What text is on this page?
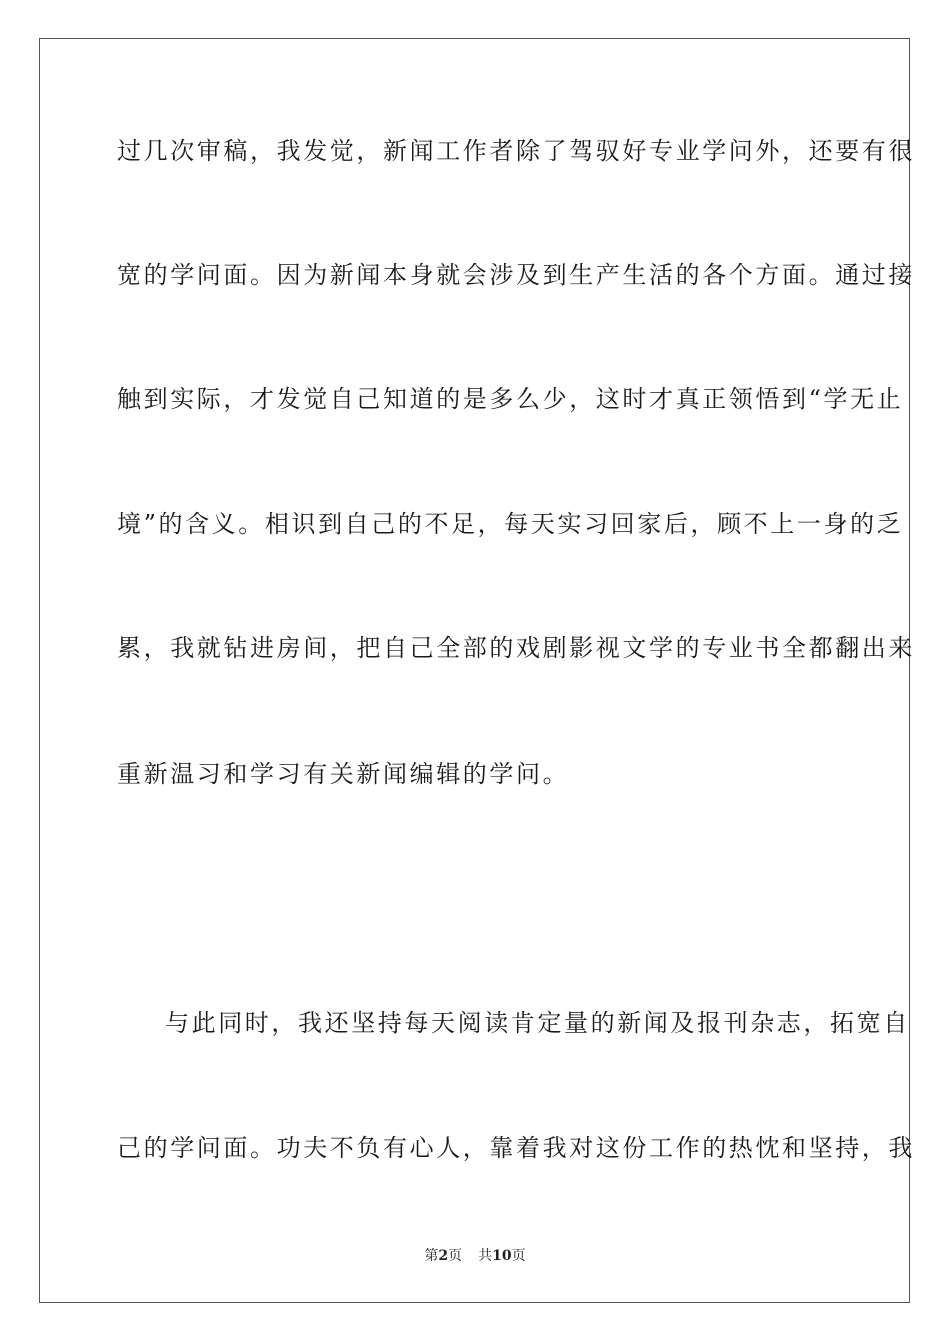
过几次审稿，我发觉，新闻工作者除了驾驭好专业学问外，还要有很
宽的学问面。因为新闻本身就会涉及到生产生活的各个方面。通过接
触到实际，才发觉自己知道的是多么少，这时才真正领悟到“学无止
境”的含义。相识到自己的不足，每天实习回家后，顾不上一身的乏
累，我就钻进房间，把自己全部的戏剧影视文学的专业书全都翻出来
重新温习和学习有关新闻编辑的学问。
与此同时，我还坚持每天阅读肯定量的新闻及报刊杂志，拓宽自
己的学问面。功夫不负有心人，靠着我对这份工作的热忱和坚持，我
第2页 共10页
